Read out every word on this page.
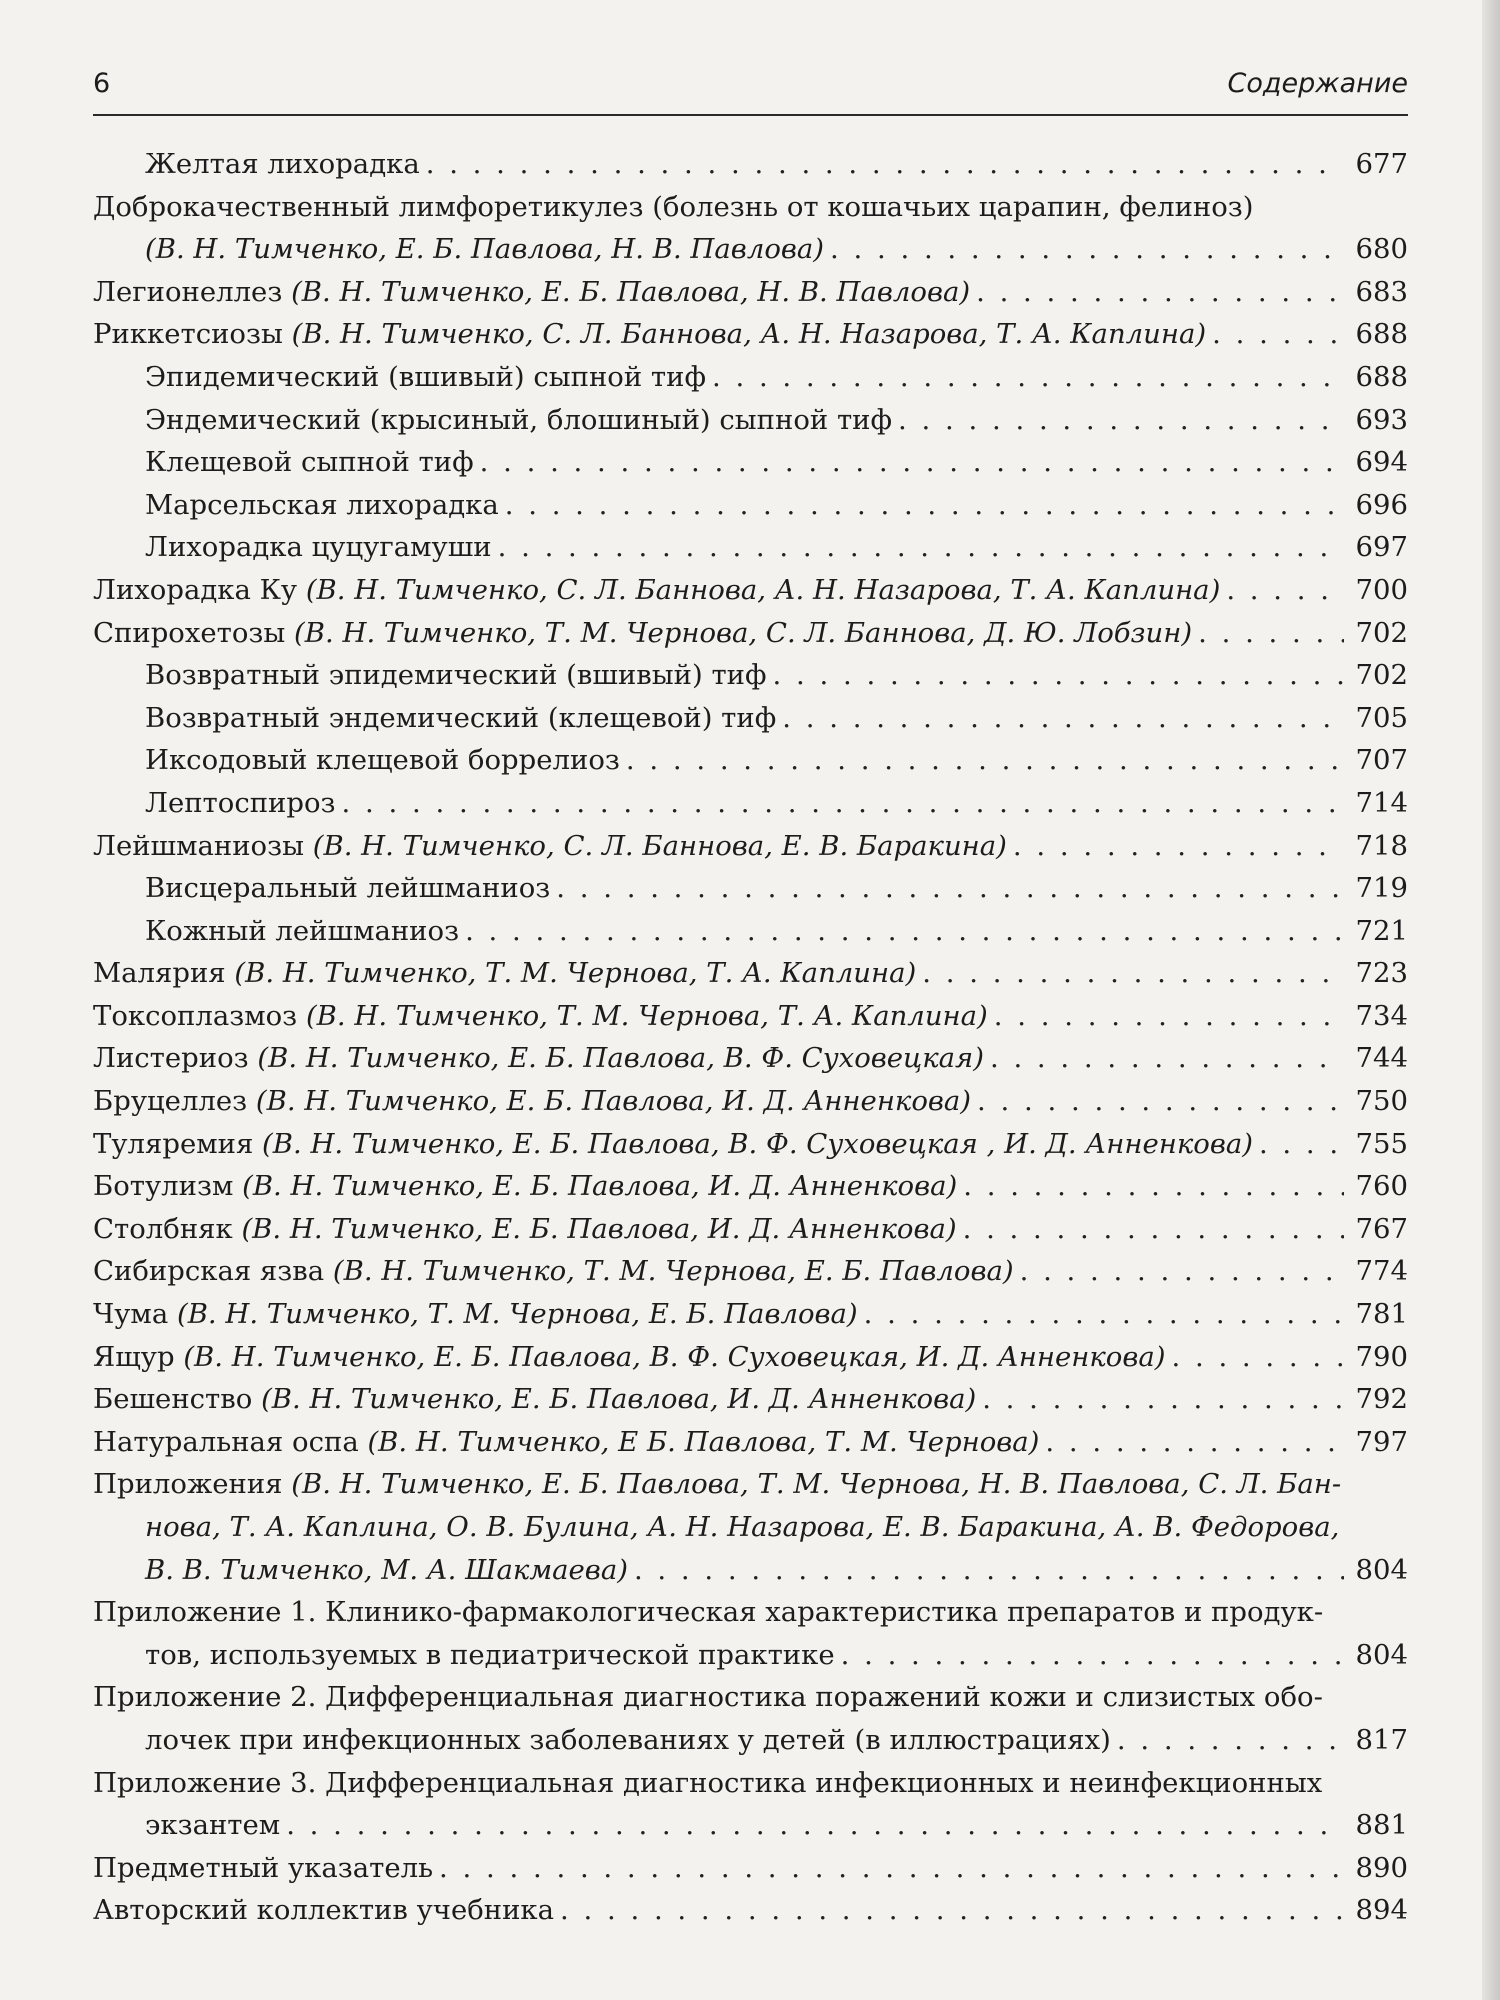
6	Содержание
Желтая лихорадка . . .	677
Доброкачественный лимфоретикулез (болезнь от кошачьих царапин, фелиноз)
(В. Н. Тимченко, Е. Б. Павлова, Н. В. Павлова) . . .	680
Легионеллез (В. Н. Тимченко, Е. Б. Павлова, Н. В. Павлова) . . .	683
Риккетсиозы (В. Н. Тимченко, С. Л. Баннова, А. Н. Назарова, Т. А. Каплина) . . .	688
Эпидемический (вшивый) сыпной тиф . . .	688
Эндемический (крысиный, блошиный) сыпной тиф . . .	693
Клещевой сыпной тиф . . .	694
Марсельская лихорадка . . .	696
Лихорадка цуцугамуши . . .	697
Лихорадка Ку (В. Н. Тимченко, С. Л. Баннова, А. Н. Назарова, Т. А. Каплина) . . .	700
Спирохетозы (В. Н. Тимченко, Т. М. Чернова, С. Л. Баннова, Д. Ю. Лобзин) . . .	702
Возвратный эпидемический (вшивый) тиф . . .	702
Возвратный эндемический (клещевой) тиф . . .	705
Иксодовый клещевой боррелиоз . . .	707
Лептоспироз . . .	714
Лейшманиозы (В. Н. Тимченко, С. Л. Баннова, Е. В. Баракина) . . .	718
Висцеральный лейшманиоз . . .	719
Кожный лейшманиоз . . .	721
Малярия (В. Н. Тимченко, Т. М. Чернова, Т. А. Каплина) . . .	723
Токсоплазмоз (В. Н. Тимченко, Т. М. Чернова, Т. А. Каплина) . . .	734
Листериоз (В. Н. Тимченко, Е. Б. Павлова, В. Ф. Суховецкая) . . .	744
Бруцеллез (В. Н. Тимченко, Е. Б. Павлова, И. Д. Анненкова) . . .	750
Туляремия (В. Н. Тимченко, Е. Б. Павлова, В. Ф. Суховецкая , И. Д. Анненкова) . . .	755
Ботулизм (В. Н. Тимченко, Е. Б. Павлова, И. Д. Анненкова) . . .	760
Столбняк (В. Н. Тимченко, Е. Б. Павлова, И. Д. Анненкова) . . .	767
Сибирская язва (В. Н. Тимченко, Т. М. Чернова, Е. Б. Павлова) . . .	774
Чума (В. Н. Тимченко, Т. М. Чернова, Е. Б. Павлова) . . .	781
Ящур (В. Н. Тимченко, Е. Б. Павлова, В. Ф. Суховецкая, И. Д. Анненкова) . . .	790
Бешенство (В. Н. Тимченко, Е. Б. Павлова, И. Д. Анненкова) . . .	792
Натуральная оспа (В. Н. Тимченко, Е Б. Павлова, Т. М. Чернова) . . .	797
Приложения (В. Н. Тимченко, Е. Б. Павлова, Т. М. Чернова, Н. В. Павлова, С. Л. Бан-
нова, Т. А. Каплина, О. В. Булина, А. Н. Назарова, Е. В. Баракина, А. В. Федорова,
В. В. Тимченко, М. А. Шакмаева) . . .	804
Приложение 1. Клинико-фармакологическая характеристика препаратов и продук-
тов, используемых в педиатрической практике . . .	804
Приложение 2. Дифференциальная диагностика поражений кожи и слизистых обо-
лочек при инфекционных заболеваниях у детей (в иллюстрациях) . . .	817
Приложение 3. Дифференциальная диагностика инфекционных и неинфекционных
экзантем . . .	881
Предметный указатель . . .	890
Авторский коллектив учебника . . .	894
